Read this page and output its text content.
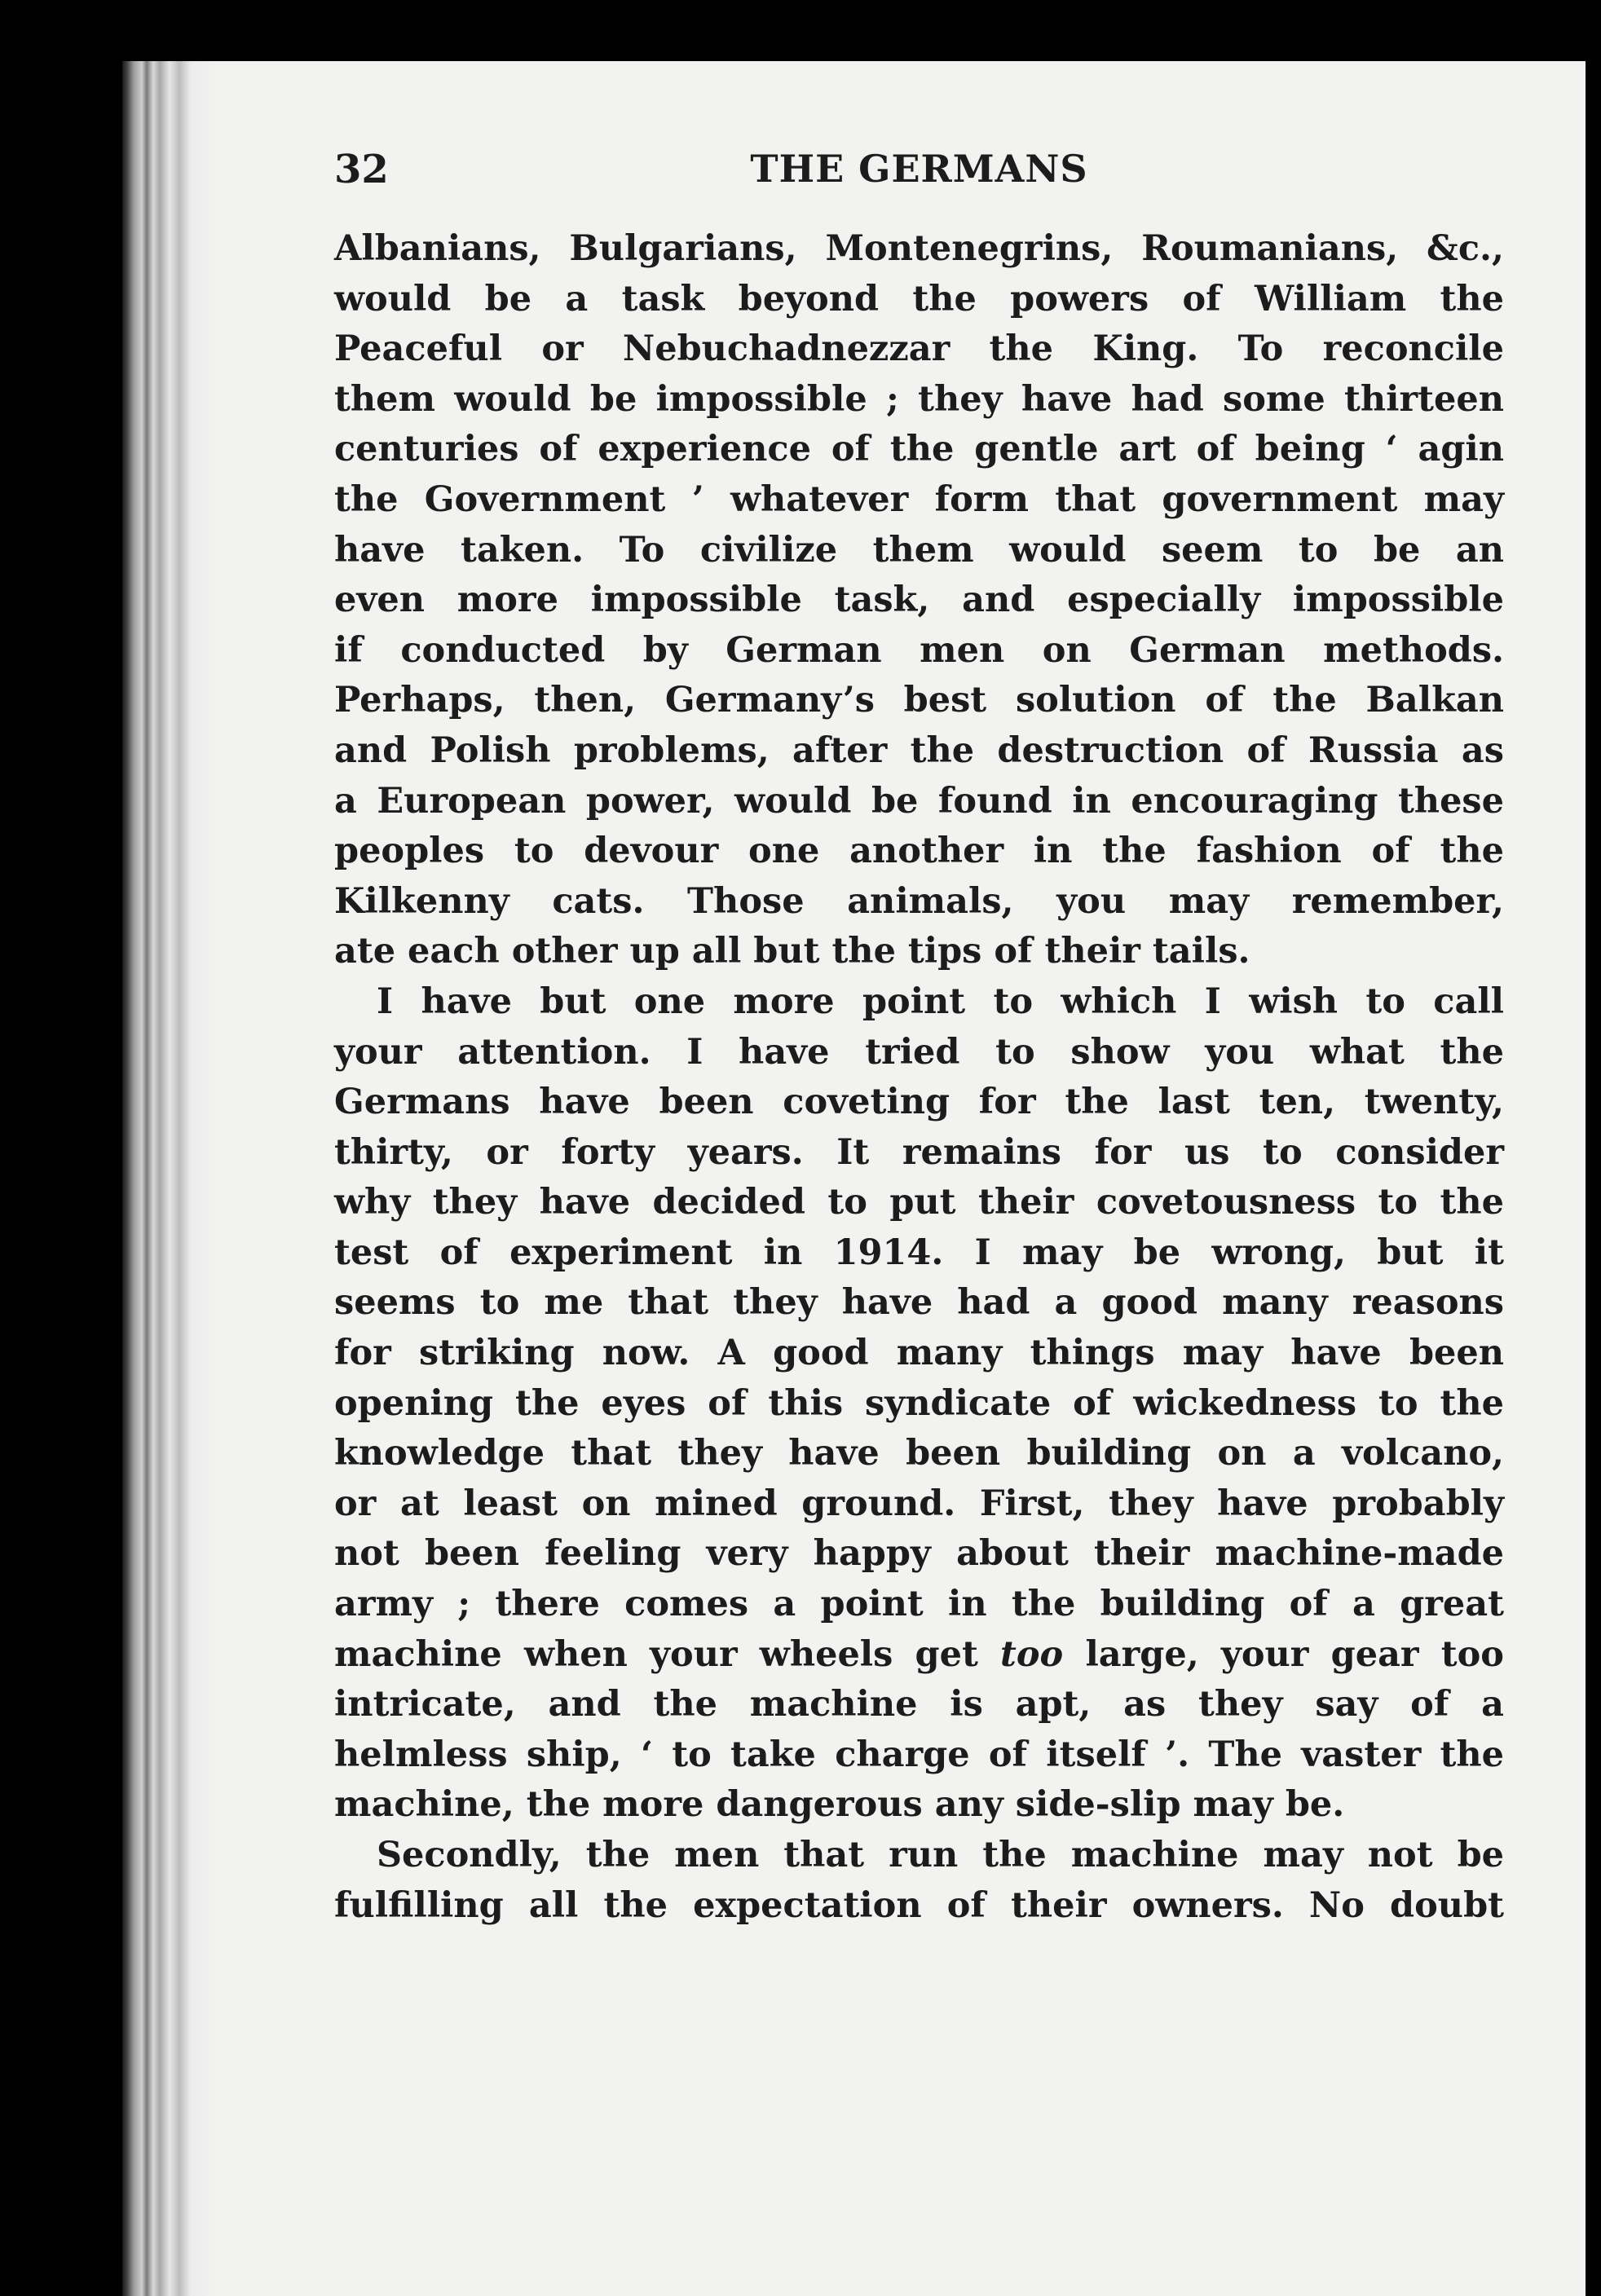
32	THE GERMANS
Albanians, Bulgarians, Montenegrins, Roumanians, &c.,
would be a task beyond the powers of William the
Peaceful or Nebuchadnezzar the King. To reconcile
them would be impossible ; they have had some thirteen
centuries of experience of the gentle art of being ‘ agin
the Government ’ whatever form that government may
have taken. To civilize them would seem to be an
even more impossible task, and especially impossible
if conducted by German men on German methods.
Perhaps, then, Germany’s best solution of the Balkan
and Polish problems, after the destruction of Russia as
a European power, would be found in encouraging these
peoples to devour one another in the fashion of the
Kilkenny cats. Those animals, you may remember,
ate each other up all but the tips of their tails.
I have but one more point to which I wish to call
your attention. I have tried to show you what the
Germans have been coveting for the last ten, twenty,
thirty, or forty years. It remains for us to consider
why they have decided to put their covetousness to the
test of experiment in 1914. I may be wrong, but it
seems to me that they have had a good many reasons
for striking now. A good many things may have been
opening the eyes of this syndicate of wickedness to the
knowledge that they have been building on a volcano,
or at least on mined ground. First, they have probably
not been feeling very happy about their machine-made
army ; there comes a point in the building of a great
machine when your wheels get too large, your gear too
intricate, and the machine is apt, as they say of a
helmless ship, ‘ to take charge of itself ’. The vaster the
machine, the more dangerous any side-slip may be.
Secondly, the men that run the machine may not be
fulfilling all the expectation of their owners. No doubt
